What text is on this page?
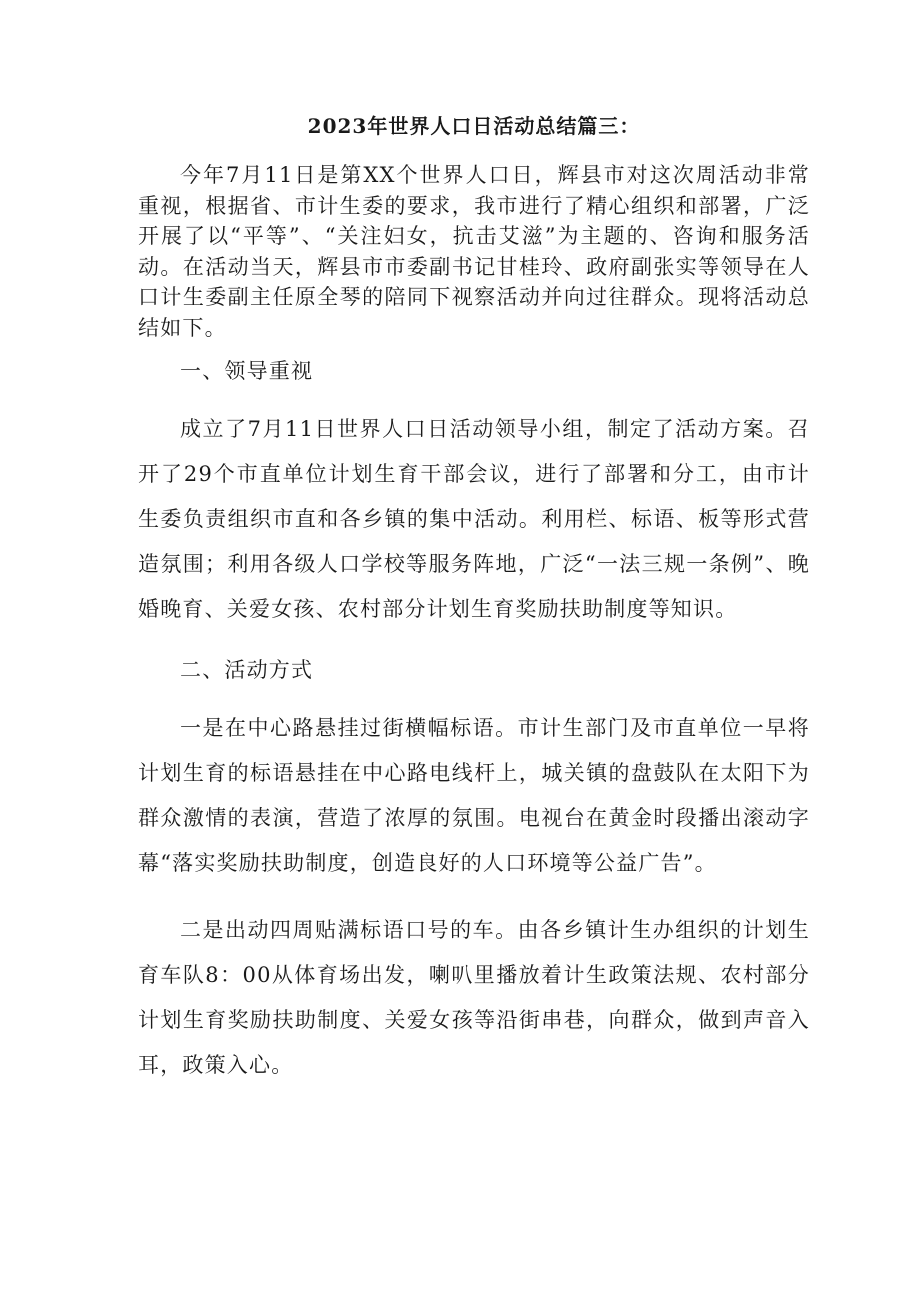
2023年世界人口日活动总结篇三：

今年7月11日是第XX个世界人口日，辉县市对这次周活动非常重视，根据省、市计生委的要求，我市进行了精心组织和部署，广泛开展了以“平等”、“关注妇女，抗击艾滋”为主题的、咨询和服务活动。在活动当天，辉县市市委副书记甘桂玲、政府副张实等领导在人口计生委副主任原全琴的陪同下视察活动并向过往群众。现将活动总结如下。

一、领导重视

成立了7月11日世界人口日活动领导小组，制定了活动方案。召开了29个市直单位计划生育干部会议，进行了部署和分工，由市计生委负责组织市直和各乡镇的集中活动。利用栏、标语、板等形式营造氛围；利用各级人口学校等服务阵地，广泛“一法三规一条例”、晚婚晚育、关爱女孩、农村部分计划生育奖励扶助制度等知识。

二、活动方式

一是在中心路悬挂过街横幅标语。市计生部门及市直单位一早将计划生育的标语悬挂在中心路电线杆上，城关镇的盘鼓队在太阳下为群众激情的表演，营造了浓厚的氛围。电视台在黄金时段播出滚动字幕“落实奖励扶助制度，创造良好的人口环境等公益广告”。

二是出动四周贴满标语口号的车。由各乡镇计生办组织的计划生育车队8：00从体育场出发，喇叭里播放着计生政策法规、农村部分计划生育奖励扶助制度、关爱女孩等沿街串巷，向群众，做到声音入耳，政策入心。
